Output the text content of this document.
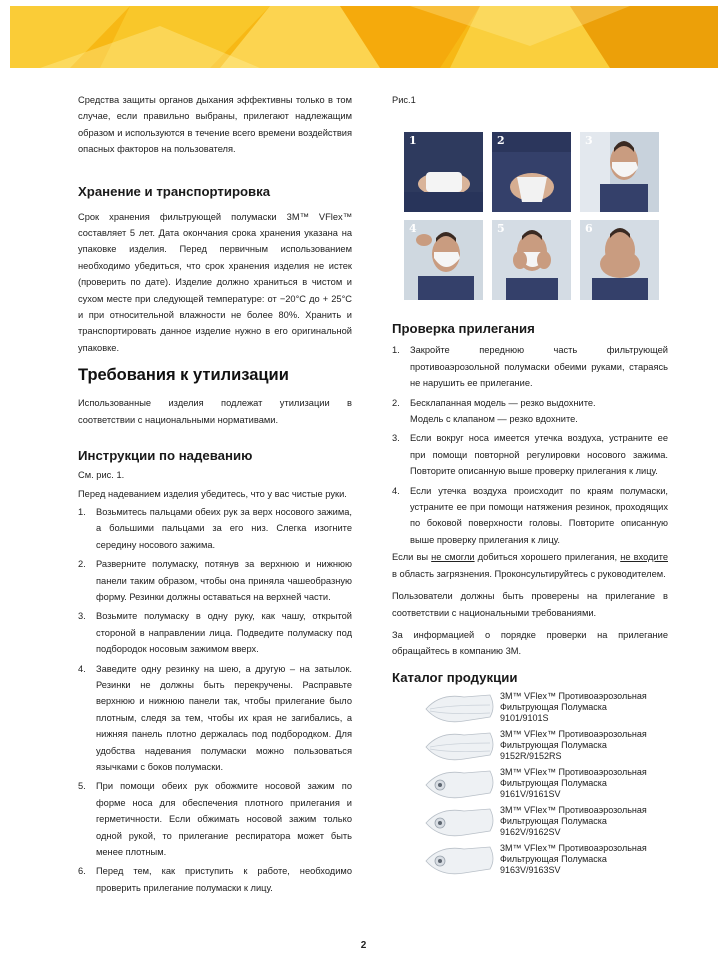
Средства защиты органов дыхания эффективны только в том случае, если правильно выбраны, прилегают надлежащим образом и используются в течение всего времени воздействия опасных факторов на пользователя.

Хранение и транспортировка

Срок хранения фильтрующей полумаски 3M™ VFlex™ составляет 5 лет. Дата окончания срока хранения указана на упаковке изделия. Перед первичным использованием необходимо убедиться, что срок хранения изделия не истек (проверить по дате). Изделие должно храниться в чистом и сухом месте при следующей температуре: от −20°С до + 25°С и при относительной влажности не более 80%. Хранить и транспортировать данное изделие нужно в его оригинальной упаковке.

Требования к утилизации

Использованные изделия подлежат утилизации в соответствии с национальными нормативами.

Инструкции по надеванию

См. рис. 1.

Перед надеванием изделия убедитесь, что у вас чистые руки.

1. Возьмитесь пальцами обеих рук за верх носового зажима, а большими пальцами за его низ. Слегка изогните середину носового зажима.
2. Разверните полумаску, потянув за верхнюю и нижнюю панели таким образом, чтобы она приняла чашеобразную форму. Резинки должны оставаться на верхней части.
3. Возьмите полумаску в одну руку, как чашу, открытой стороной в направлении лица. Подведите полумаску под подбородок носовым зажимом вверх.
4. Заведите одну резинку на шею, а другую – на затылок. Резинки не должны быть перекручены. Расправьте верхнюю и нижнюю панели так, чтобы прилегание было плотным, следя за тем, чтобы их края не загибались, а нижняя панель плотно держалась под подбородком. Для удобства надевания полумаски можно пользоваться язычками с боков полумаски.
5. При помощи обеих рук обожмите носовой зажим по форме носа для обеспечения плотного прилегания и герметичности. Если обжимать носовой зажим только одной рукой, то прилегание респиратора может быть менее плотным.
6. Перед тем, как приступить к работе, необходимо проверить прилегание полумаски к лицу.

Рис.1

1	2	3
4	5	6
Проверка прилегания
1. Закройте переднюю часть фильтрующей противоаэрозольной полумаски обеими руками, стараясь не нарушить ее прилегание.
2. Бесклапанная модель — резко выдохните.
Модель с клапаном — резко вдохните.
3. Если вокруг носа имеется утечка воздуха, устраните ее при помощи повторной регулировки носового зажима. Повторите описанную выше проверку прилегания к лицу.
4. Если утечка воздуха происходит по краям полумаски, устраните ее при помощи натяжения резинок, проходящих по боковой поверхности головы. Повторите описанную выше проверку прилегания к лицу.

Если вы не смогли добиться хорошего прилегания, не входите в область загрязнения. Проконсультируйтесь с руководителем.

Пользователи должны быть проверены на прилегание в соответствии с национальными требованиями.

За информацией о порядке проверки на прилегание обращайтесь в компанию 3M.

Каталог продукции
3M™ VFlex™ Противоаэрозольная
Фильтрующая Полумаска
9101/9101S
3M™ VFlex™ Противоаэрозольная
Фильтрующая Полумаска
9152R/9152RS
3M™ VFlex™ Противоаэрозольная
Фильтрующая Полумаска
9161V/9161SV
3M™ VFlex™ Противоаэрозольная
Фильтрующая Полумаска
9162V/9162SV
3M™ VFlex™ Противоаэрозольная
Фильтрующая Полумаска
9163V/9163SV
2
